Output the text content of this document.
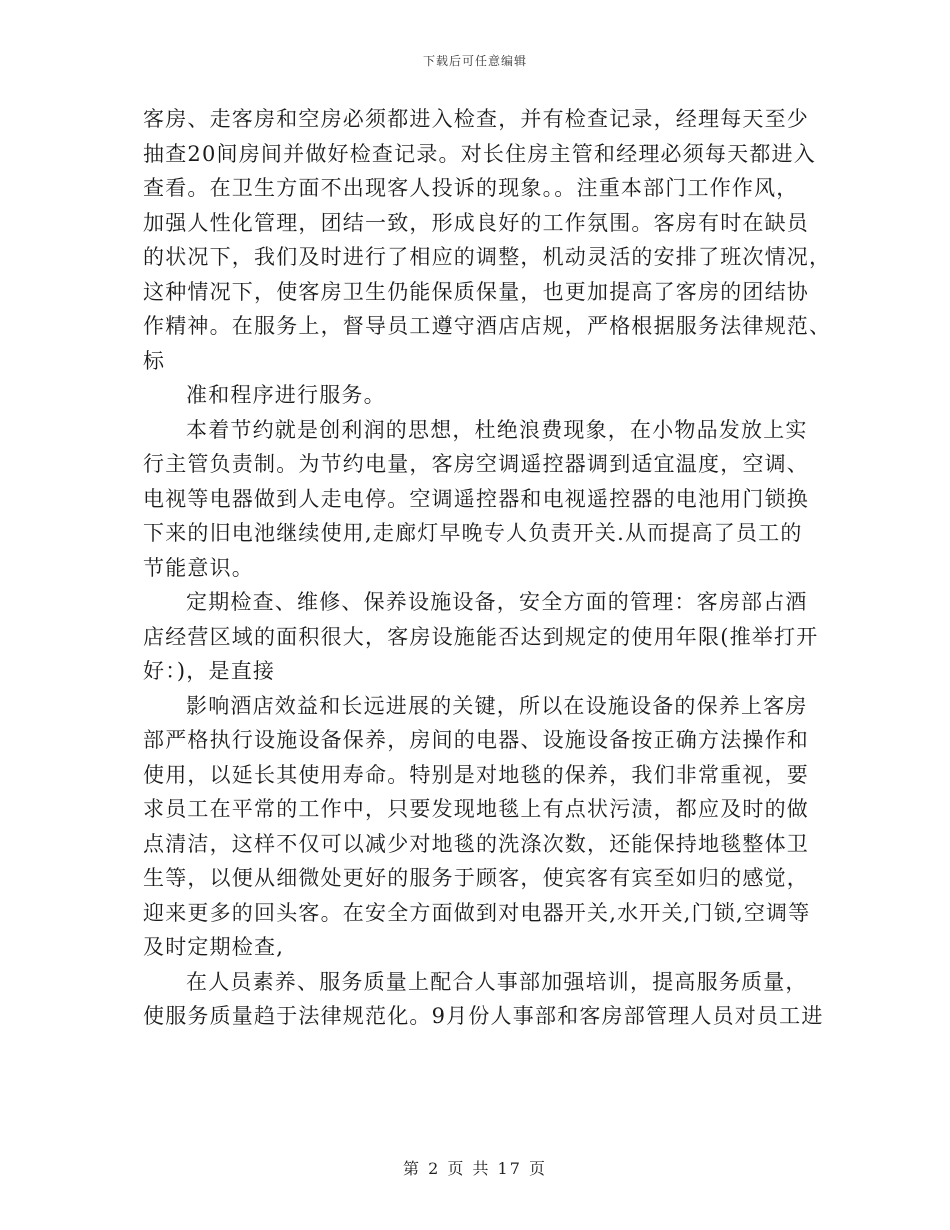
下载后可任意编辑
客房、走客房和空房必须都进入检查，并有检查记录，经理每天至少
抽查20间房间并做好检查记录。对长住房主管和经理必须每天都进入
查看。在卫生方面不出现客人投诉的现象。。注重本部门工作作风，
加强人性化管理，团结一致，形成良好的工作氛围。客房有时在缺员
的状况下，我们及时进行了相应的调整，机动灵活的安排了班次情况，
这种情况下，使客房卫生仍能保质保量，也更加提高了客房的团结协
作精神。在服务上，督导员工遵守酒店店规，严格根据服务法律规范、
标
准和程序进行服务。
本着节约就是创利润的思想，杜绝浪费现象，在小物品发放上实
行主管负责制。为节约电量，客房空调遥控器调到适宜温度，空调、
电视等电器做到人走电停。空调遥控器和电视遥控器的电池用门锁换
下来的旧电池继续使用,走廊灯早晚专人负责开关.从而提高了员工的
节能意识。
定期检查、维修、保养设施设备，安全方面的管理：客房部占酒
店经营区域的面积很大，客房设施能否达到规定的使用年限(推举打开
好：)，是直接
影响酒店效益和长远进展的关键，所以在设施设备的保养上客房
部严格执行设施设备保养，房间的电器、设施设备按正确方法操作和
使用，以延长其使用寿命。特别是对地毯的保养，我们非常重视，要
求员工在平常的工作中，只要发现地毯上有点状污渍，都应及时的做
点清洁，这样不仅可以减少对地毯的洗涤次数，还能保持地毯整体卫
生等，以便从细微处更好的服务于顾客，使宾客有宾至如归的感觉，
迎来更多的回头客。在安全方面做到对电器开关,水开关,门锁,空调等
及时定期检查,
在人员素养、服务质量上配合人事部加强培训，提高服务质量，
使服务质量趋于法律规范化。9月份人事部和客房部管理人员对员工进
第 2 页 共 17 页
